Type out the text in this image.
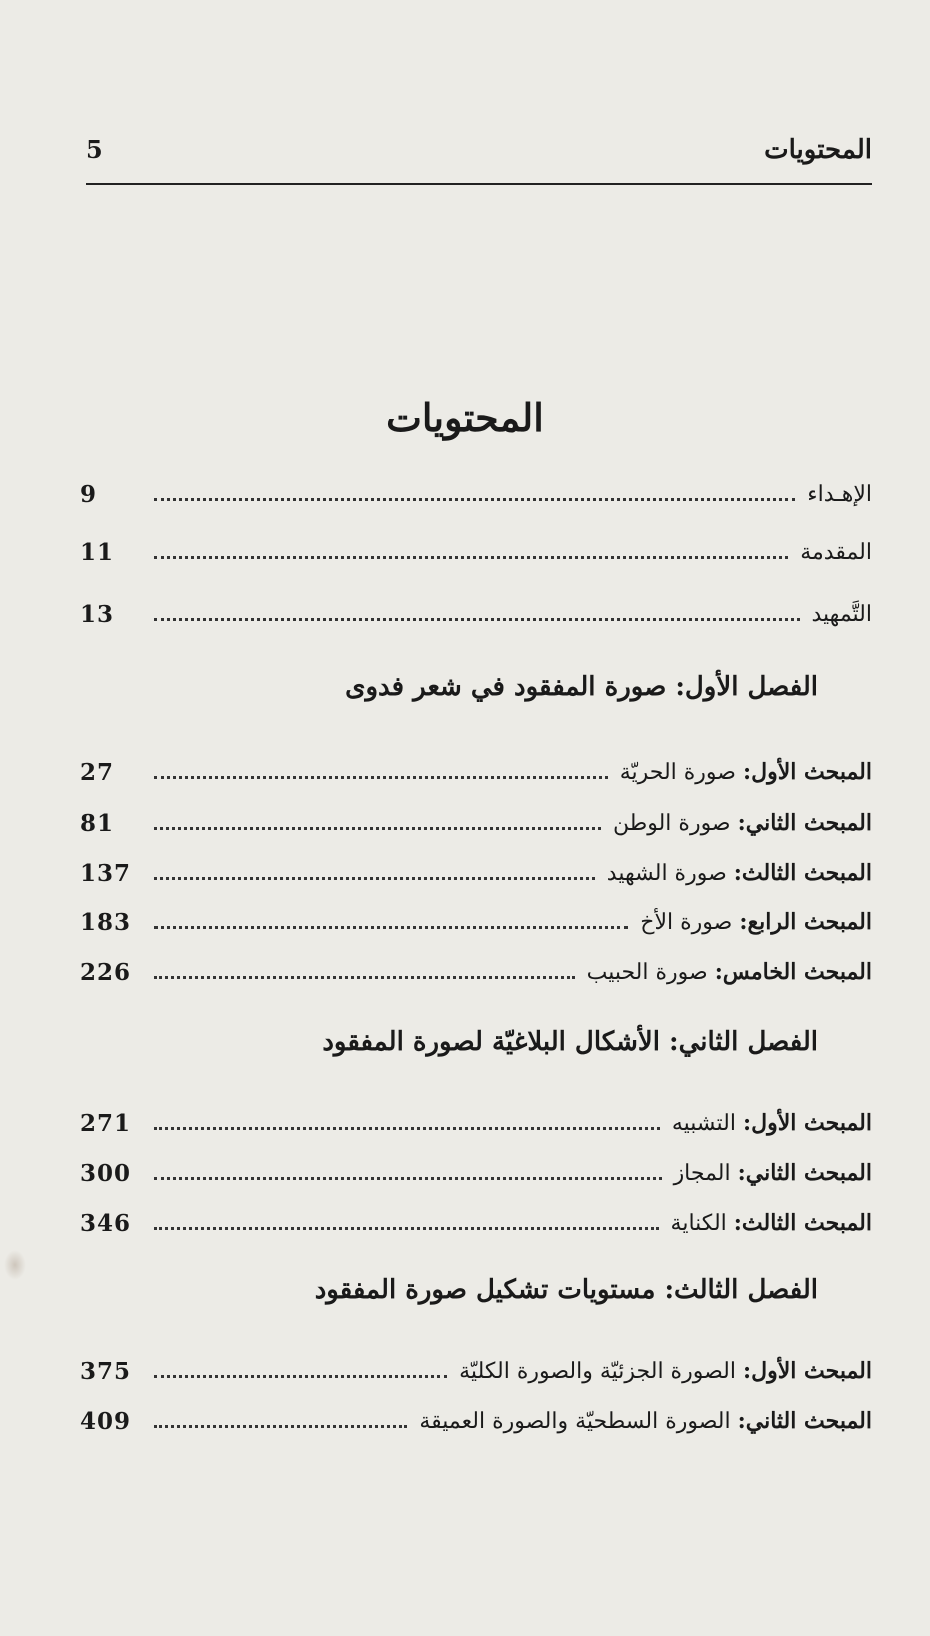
المحتويات
5
المحتويات
الإهـداء
9
المقدمة
11
التَّمهيد
13
الفصل الأول: صورة المفقود في شعر فدوى
المبحث الأول: صورة الحريّة
27
المبحث الثاني: صورة الوطن
81
المبحث الثالث: صورة الشهيد
137
المبحث الرابع: صورة الأخ
183
المبحث الخامس: صورة الحبيب
226
الفصل الثاني: الأشكال البلاغيّة لصورة المفقود
المبحث الأول: التشبيه
271
المبحث الثاني: المجاز
300
المبحث الثالث: الكناية
346
الفصل الثالث: مستويات تشكيل صورة المفقود
المبحث الأول: الصورة الجزئيّة والصورة الكليّة
375
المبحث الثاني: الصورة السطحيّة والصورة العميقة
409
